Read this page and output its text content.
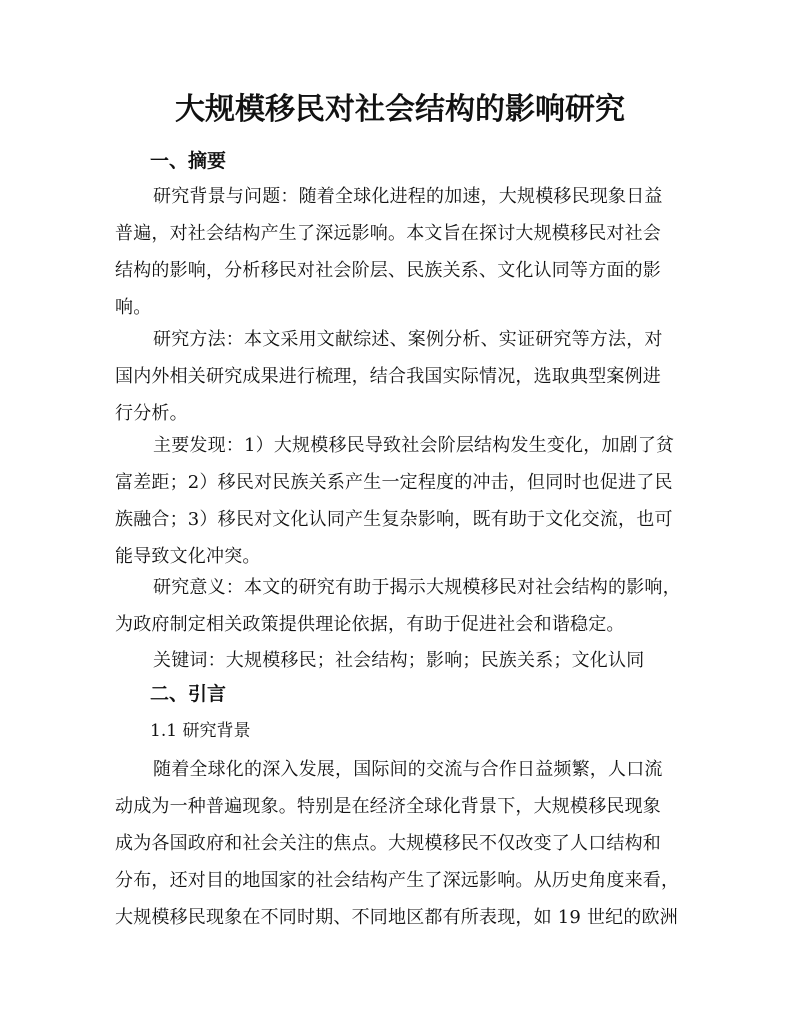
大规模移民对社会结构的影响研究
一、摘要
研究背景与问题：随着全球化进程的加速，大规模移民现象日益
普遍，对社会结构产生了深远影响。本文旨在探讨大规模移民对社会
结构的影响，分析移民对社会阶层、民族关系、文化认同等方面的影
响。
研究方法：本文采用文献综述、案例分析、实证研究等方法，对
国内外相关研究成果进行梳理，结合我国实际情况，选取典型案例进
行分析。
主要发现：1）大规模移民导致社会阶层结构发生变化，加剧了贫
富差距；2）移民对民族关系产生一定程度的冲击，但同时也促进了民
族融合；3）移民对文化认同产生复杂影响，既有助于文化交流，也可
能导致文化冲突。
研究意义：本文的研究有助于揭示大规模移民对社会结构的影响，
为政府制定相关政策提供理论依据，有助于促进社会和谐稳定。
关键词：大规模移民；社会结构；影响；民族关系；文化认同
二、引言
1.1 研究背景
随着全球化的深入发展，国际间的交流与合作日益频繁，人口流
动成为一种普遍现象。特别是在经济全球化背景下，大规模移民现象
成为各国政府和社会关注的焦点。大规模移民不仅改变了人口结构和
分布，还对目的地国家的社会结构产生了深远影响。从历史角度来看，
大规模移民现象在不同时期、不同地区都有所表现，如 19 世纪的欧洲
